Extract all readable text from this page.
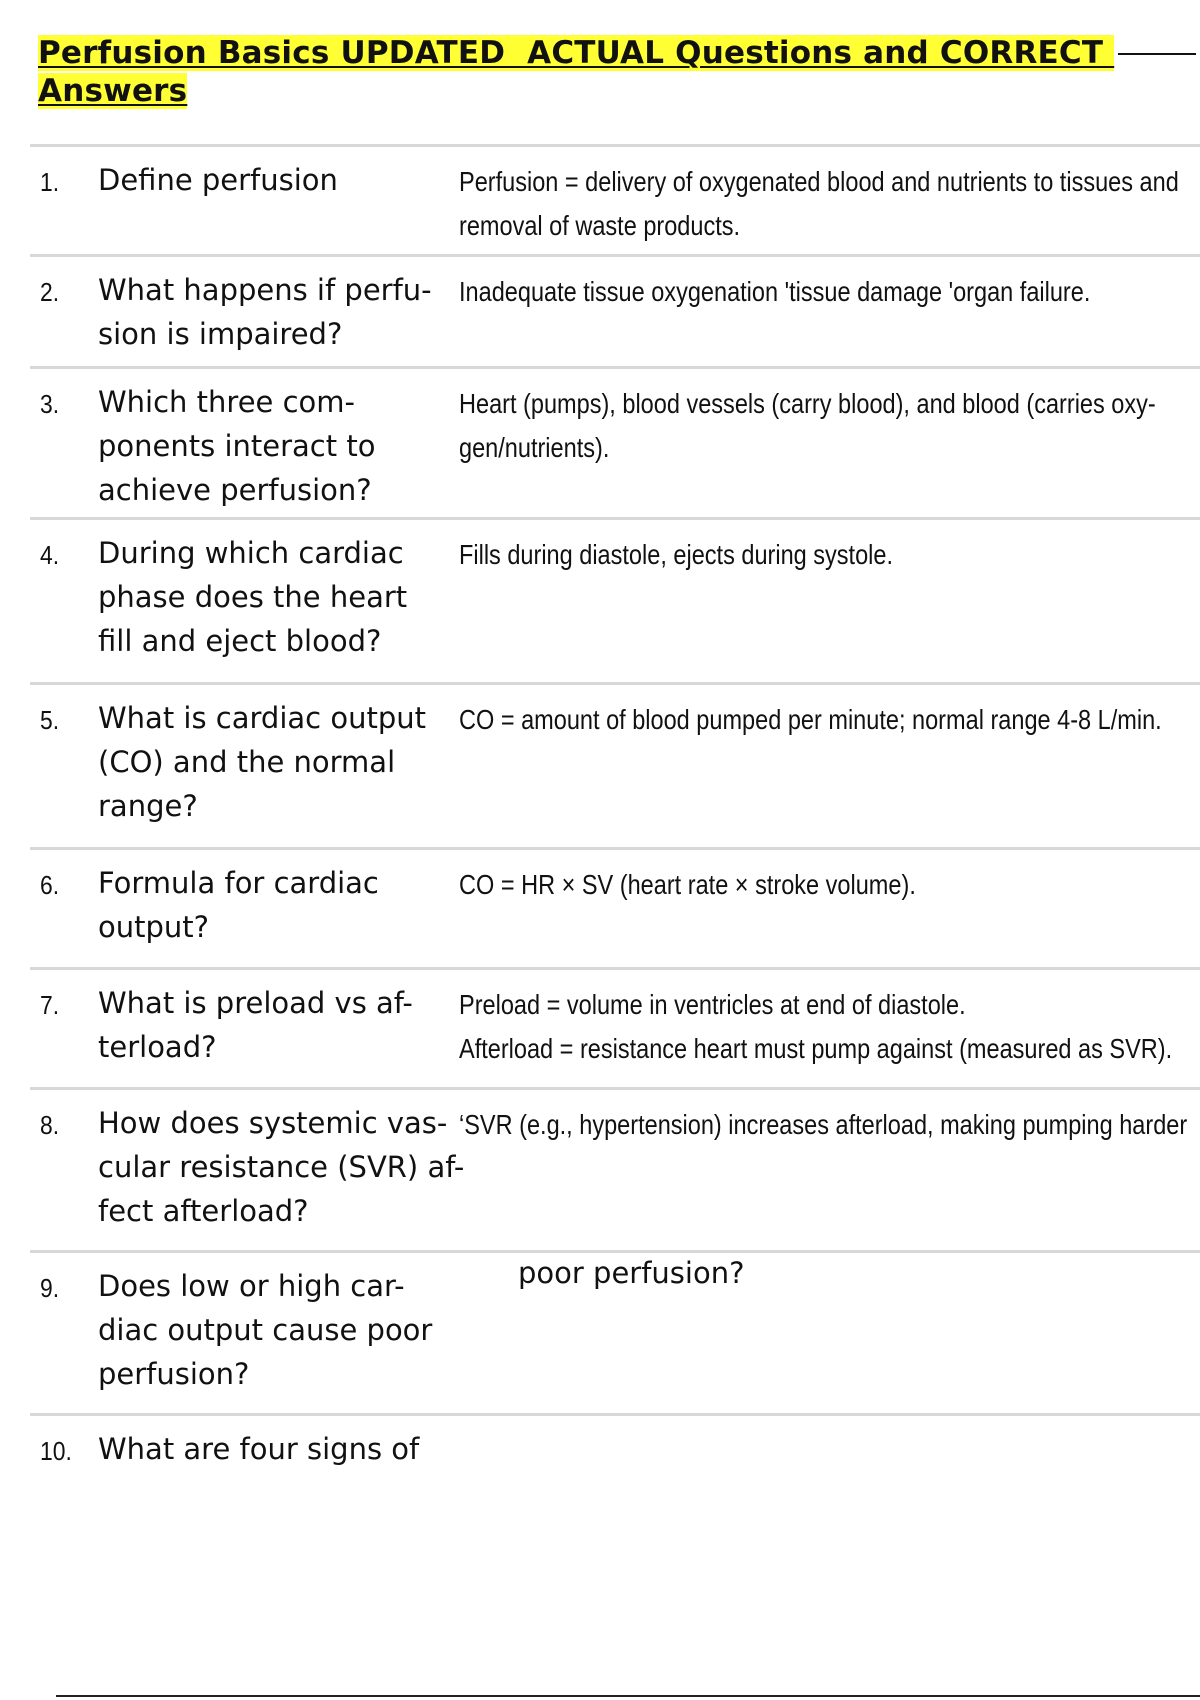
Perfusion Basics UPDATED  ACTUAL Questions and CORRECT
Answers
1. Define perfusion	Perfusion = delivery of oxygenated blood and nutrients to tissues and
removal of waste products.
2. What happens if perfu-
sion is impaired?
Inadequate tissue oxygenation 'tissue damage 'organ failure.
3. Which three com-
ponents interact to
achieve perfusion?
Heart (pumps), blood vessels (carry blood), and blood (carries oxy-
gen/nutrients).
4. During which cardiac
phase does the heart
fill and eject blood?
Fills during diastole, ejects during systole.
5. What is cardiac output
(CO) and the normal
range?
CO = amount of blood pumped per minute; normal range 4-8 L/min.
6. Formula for cardiac
output?
CO = HR × SV (heart rate × stroke volume).
7. What is preload vs af-
terload?
Preload = volume in ventricles at end of diastole.
Afterload = resistance heart must pump against (measured as SVR).
8. How does systemic vas-
cular resistance (SVR) af-
fect afterload?
‘SVR (e.g., hypertension) increases afterload, making pumping harder
9. Does low or high car-
diac output cause poor
perfusion?
poor perfusion?
10. What are four signs of
